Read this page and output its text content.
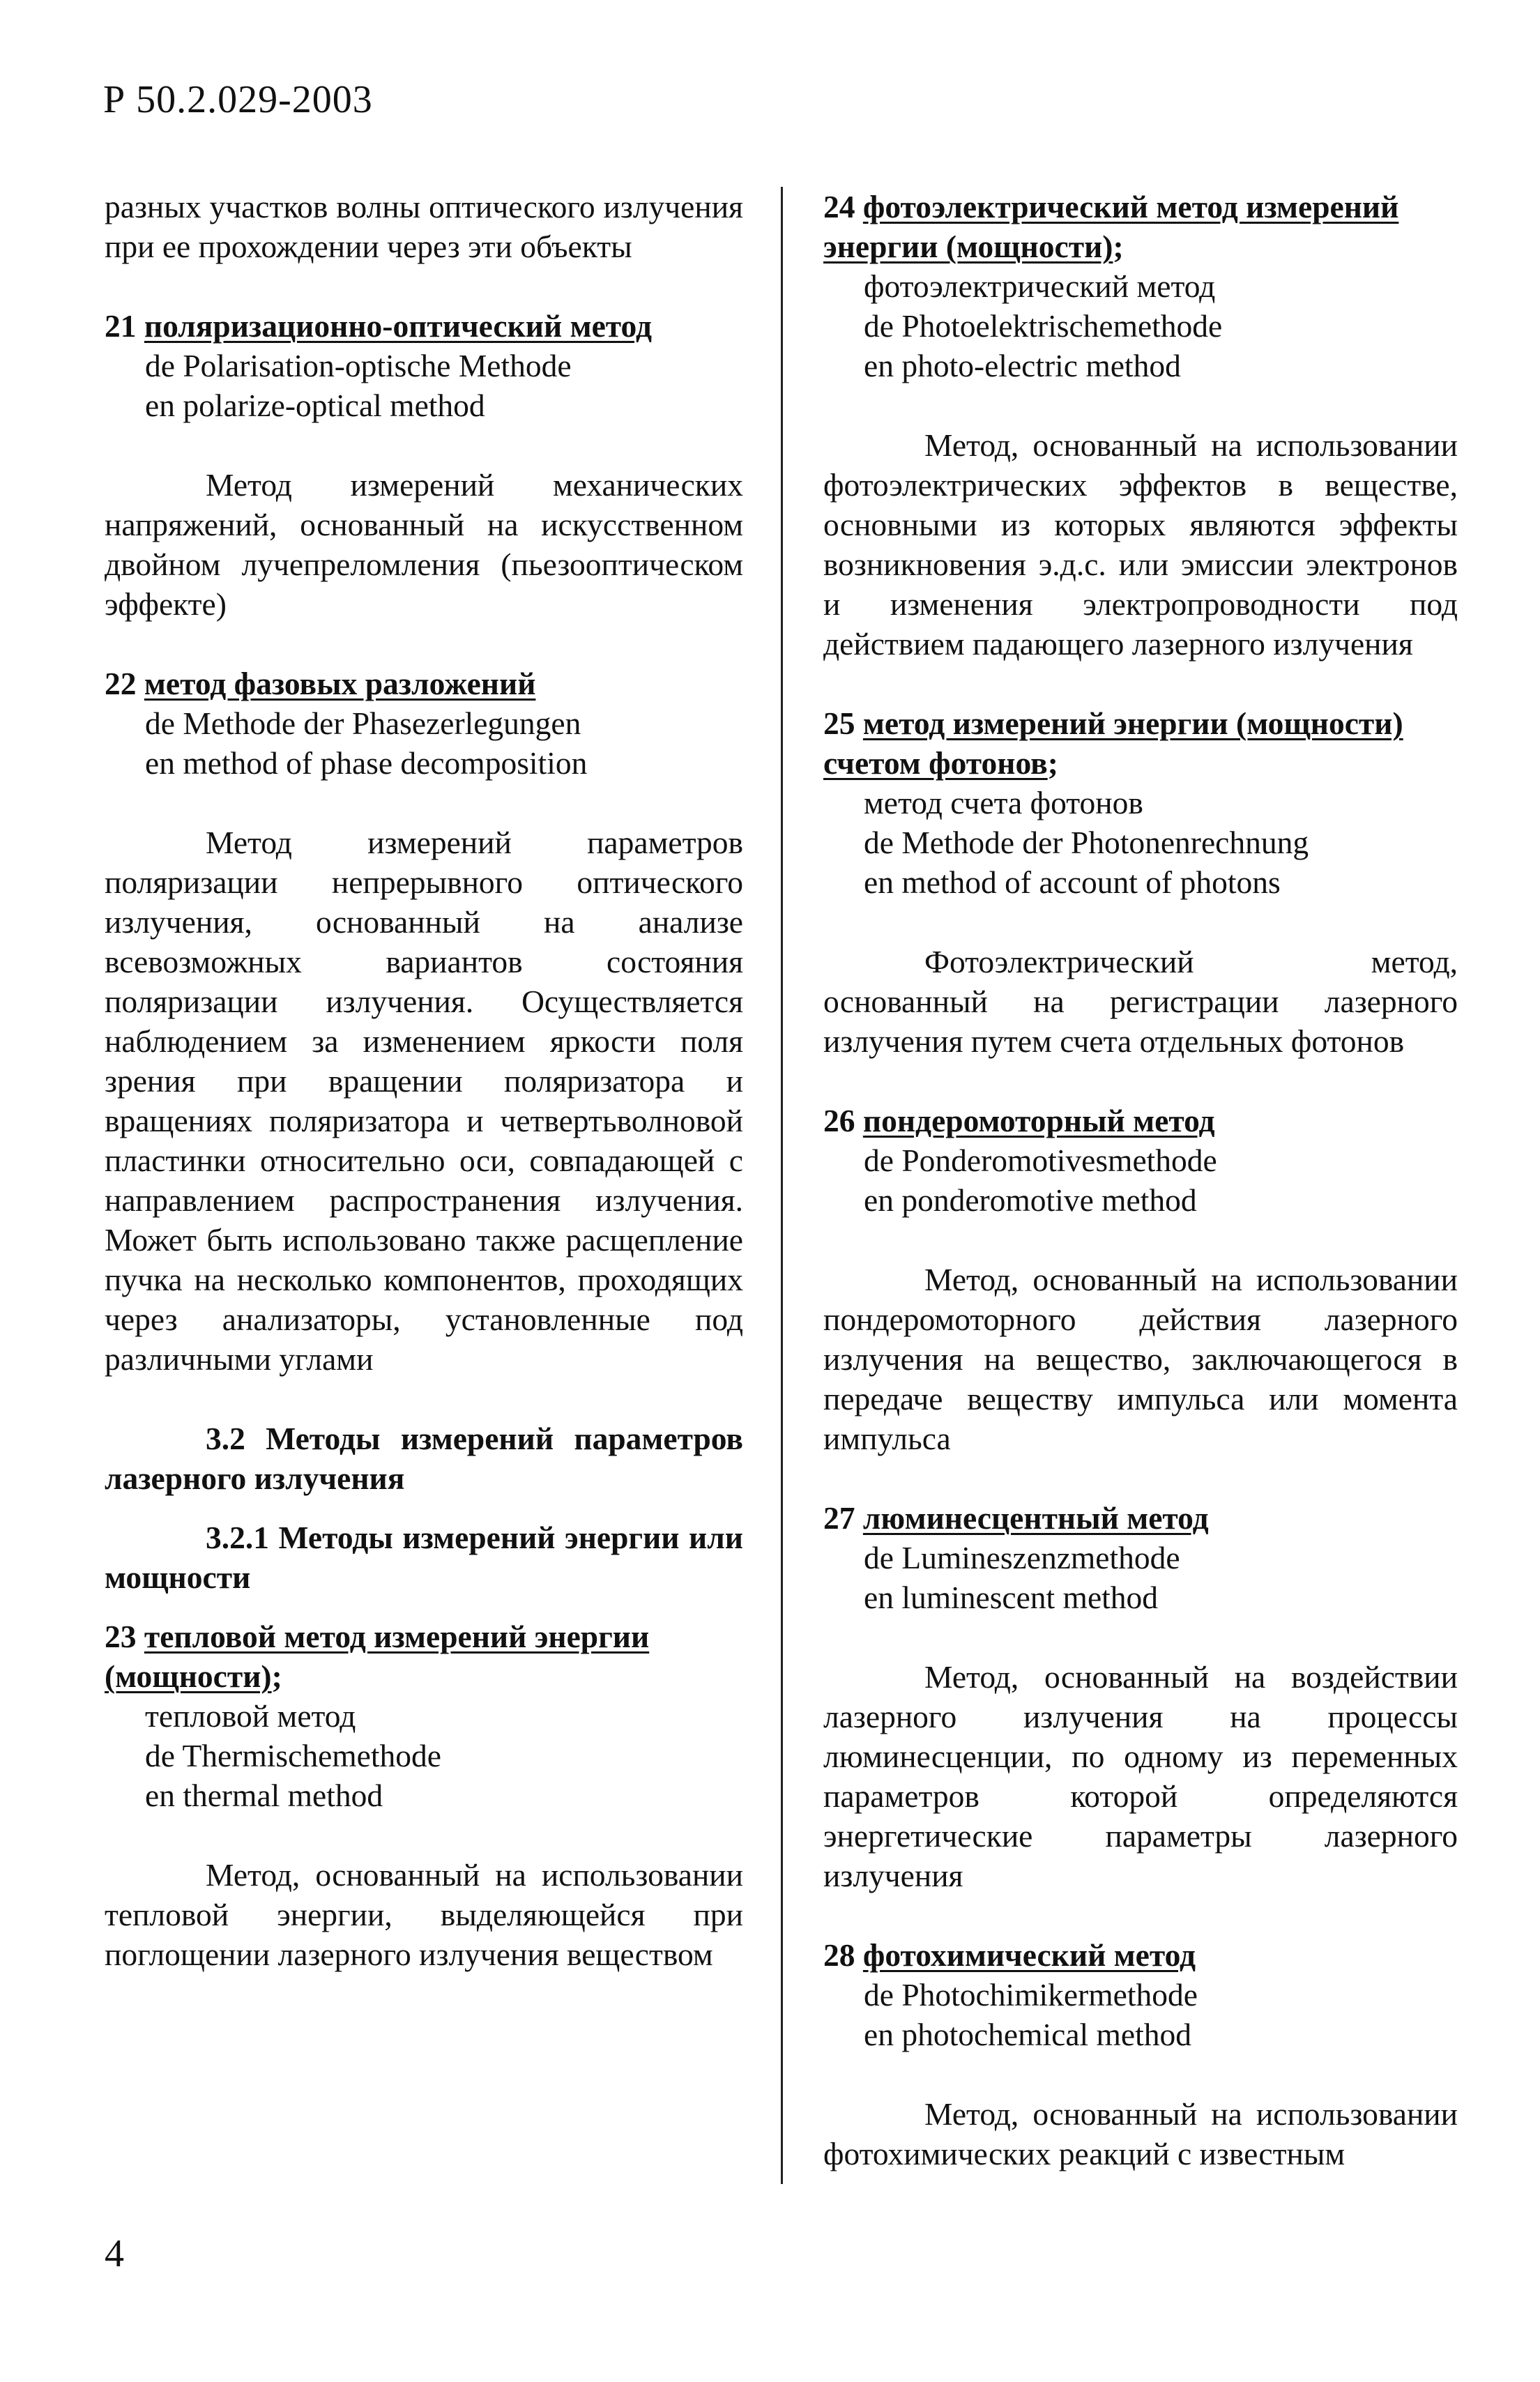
Р 50.2.029-2003

разных участков волны оптического излучения при ее прохождении через эти объекты

21 поляризационно-оптический метод

de Polarisation-optische Methode

en polarize-optical method

Метод измерений механических напряжений, основанный на искусственном двойном лучепреломления (пьезооптическом эффекте)

22 метод фазовых разложений

de Methode der Phasezerlegungen

en method of phase decomposition

Метод измерений параметров поляризации непрерывного оптического излучения, основанный на анализе всевозможных вариантов состояния поляризации излучения. Осуществляется наблюдением за изменением яркости поля зрения при вращении поляризатора и вращениях поляризатора и четвертьволновой пластинки относительно оси, совпадающей с направлением распространения излучения. Может быть использовано также расщепление пучка на несколько компонентов, проходящих через анализаторы, установленные под различными углами

3.2 Методы измерений параметров лазерного излучения

3.2.1 Методы измерений энергии или мощности

23 тепловой метод измерений энергии (мощности);

тепловой метод

de Thermischemethode

en thermal method

Метод, основанный на использовании тепловой энергии, выделяющейся при поглощении лазерного излучения веществом

24 фотоэлектрический метод измерений энергии (мощности);

фотоэлектрический метод

de Photoelektrischemethode

en photo-electric method

Метод, основанный на использовании фотоэлектрических эффектов в веществе, основными из которых являются эффекты возникновения э.д.с. или эмиссии электронов и изменения электропроводности под действием падающего лазерного излучения

25 метод измерений энергии (мощности) счетом фотонов;

метод счета фотонов

de Methode der Photonenrechnung

en method of account of photons

Фотоэлектрический метод, основанный на регистрации лазерного излучения путем счета отдельных фотонов

26 пондеромоторный метод

de Ponderomotivesmethode

en ponderomotive method

Метод, основанный на использовании пондеромоторного действия лазерного излучения на вещество, заключающегося в передаче веществу импульса или момента импульса

27 люминесцентный метод

de Lumineszenzmethode

en luminescent method

Метод, основанный на воздействии лазерного излучения на процессы люминесценции, по одному из переменных параметров которой определяются энергетические параметры лазерного излучения

28 фотохимический метод

de Photochimikermethode

en photochemical method

Метод, основанный на использовании фотохимических реакций с известным

4
